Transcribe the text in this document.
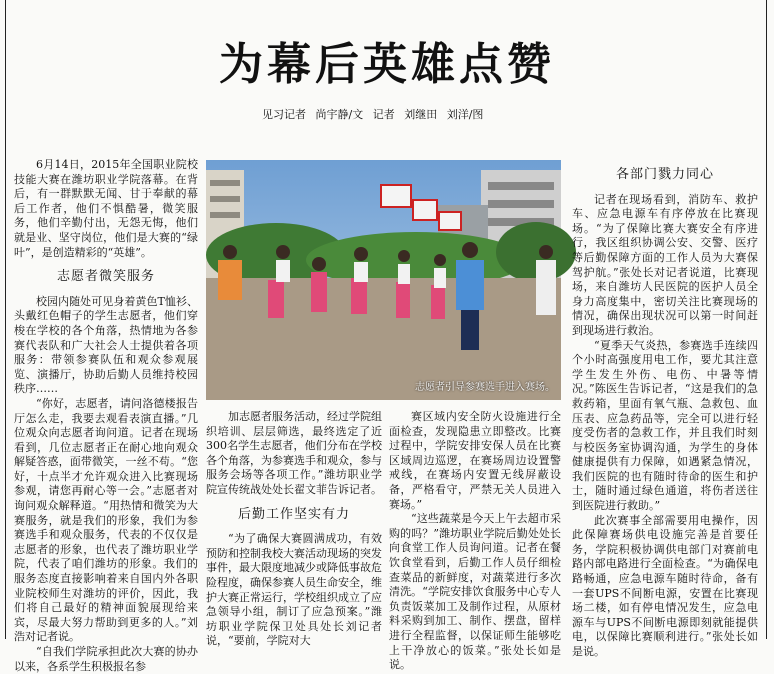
为幕后英雄点赞
见习记者 尚宇静/文 记者 刘继田 刘洋/图

6月14日，2015年全国职业院校技能大赛在潍坊职业学院落幕。在背后，有一群默默无闻、甘于奉献的幕后工作者，他们不惧酷暑，微笑服务，他们辛勤付出，无怨无悔，他们就是业、坚守岗位，他们是大赛的“绿叶”，是创造精彩的“英雄”。

志愿者微笑服务

校园内随处可见身着黄色T恤衫、头戴红色帽子的学生志愿者，他们穿梭在学校的各个角落，热情地为各参赛代表队和广大社会人士提供着各项服务：带领参赛队伍和观众参观展览、演播厅，协助后勤人员维持校园秩序……

“你好，志愿者，请问洛德楼报告厅怎么走，我要去观看表演直播。”几位观众向志愿者询问道。记者在现场看到，几位志愿者正在耐心地向观众解疑答惑，面带微笑，一丝不苟。“您好，十点半才允许观众进入比赛现场参观，请您再耐心等一会。”志愿者对询问观众解释道。“用热情和微笑为大赛服务，就是我们的形象，我们为参赛选手和观众服务，代表的不仅仅是志愿者的形象，也代表了潍坊职业学院，代表了咱们潍坊的形象。我们的服务态度直接影响着来自国内外各职业院校师生对潍坊的评价，因此，我们将自己最好的精神面貌展现给来宾，尽最大努力帮助到更多的人。”刘浩对记者说。

“自我们学院承担此次大赛的协办以来，各系学生积极报名参

志愿者引导参赛选手进入赛场。

加志愿者服务活动，经过学院组织培训、层层筛选，最终选定了近300名学生志愿者，他们分布在学校各个角落，为参赛选手和观众，参与服务会场等各项工作。”潍坊职业学院宣传统战处处长翟文菲告诉记者。

后勤工作坚实有力

“为了确保大赛圆满成功，有效预防和控制我校大赛活动现场的突发事件，最大限度地减少或降低事故危险程度，确保参赛人员生命安全，维护大赛正常运行，学校组织成立了应急领导小组，制订了应急预案。”潍坊职业学院保卫处具处长刘记者说，“要前，学院对大

赛区域内安全防火设施进行全面检查，发现隐患立即整改。比赛过程中，学院安排安保人员在比赛区域周边巡逻，在赛场周边设置警戒线，在赛场内安置无线屏蔽设备，严格看守，严禁无关人员进入赛场。”

“这些蔬菜是今天上午去超市采购的吗？”潍坊职业学院后勤处处长向食堂工作人员询问道。记者在餐饮食堂看到，后勤工作人员仔细检查菜品的新鲜度，对蔬菜进行多次清洗。“学院安排饮食服务中心专人负责饭菜加工及制作过程，从原材料采购到加工、制作、摆盘，留样进行全程监督，以保证师生能够吃上干净放心的饭菜。”张处长如是说。

各部门戮力同心

记者在现场看到，消防车、救护车、应急电源车有序停放在比赛现场。“为了保障比赛大赛安全有序进行，我区组织协调公安、交警、医疗等后勤保障方面的工作人员为大赛保驾护航。”张处长对记者说道，比赛现场，来自潍坊人民医院的医护人员全身力高度集中，密切关注比赛现场的情况，确保出现状况可以第一时间赶到现场进行救治。

“夏季天气炎热，参赛选手连续四个小时高强度用电工作，要尤其注意学生发生外伤、电伤、中暑等情况。”陈医生告诉记者，“这是我们的急救药箱，里面有氧气瓶、急救包、血压表、应急药品等，完全可以进行轻度受伤者的急救工作，并且我们时刻与校医务室协调沟通，为学生的身体健康提供有力保障，如遇紧急情况，我们医院的也有随时待命的医生和护士，随时通过绿色通道，将伤者送往到医院进行救助。”

此次赛事全部需要用电操作，因此保障赛场供电设施完善是首要任务，学院积极协调供电部门对赛前电路内部电路进行全面检查。“为确保电路畅通，应急电源车随时待命，备有一套UPS不间断电源，安置在比赛现场二楼，如有停电情况发生，应急电源车与UPS不间断电源即刻就能提供电，以保障比赛顺利进行。”张处长如是说。
